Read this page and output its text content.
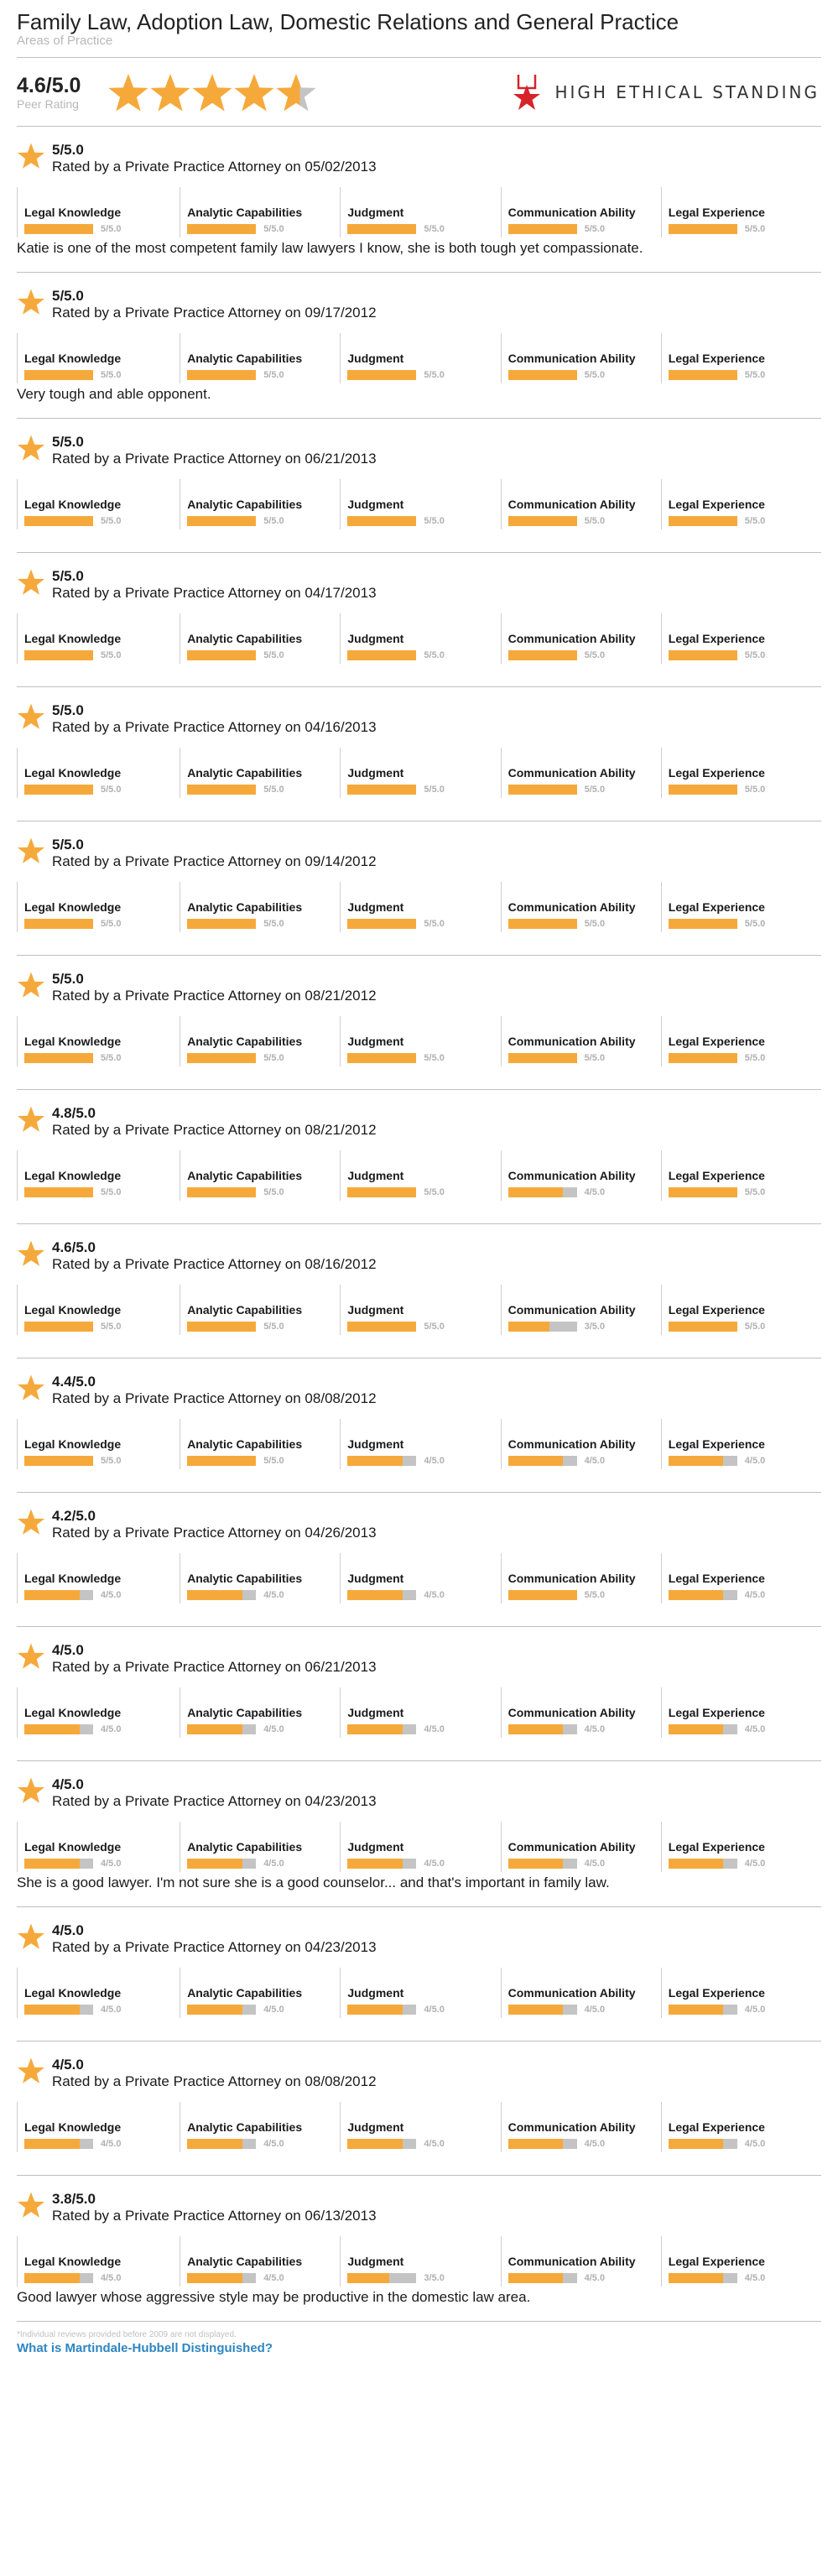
Family Law, Adoption Law, Domestic Relations and General Practice
Areas of Practice
4.6/5.0
Peer Rating
HIGH ETHICAL STANDING
5/5.0
Rated by a Private Practice Attorney on 05/02/2013
Legal Knowledge
5/5.0
Analytic Capabilities
5/5.0
Judgment
5/5.0
Communication Ability
5/5.0
Legal Experience
5/5.0
Katie is one of the most competent family law lawyers I know, she is both tough yet compassionate.
5/5.0
Rated by a Private Practice Attorney on 09/17/2012
Legal Knowledge
5/5.0
Analytic Capabilities
5/5.0
Judgment
5/5.0
Communication Ability
5/5.0
Legal Experience
5/5.0
Very tough and able opponent.
5/5.0
Rated by a Private Practice Attorney on 06/21/2013
Legal Knowledge
5/5.0
Analytic Capabilities
5/5.0
Judgment
5/5.0
Communication Ability
5/5.0
Legal Experience
5/5.0
5/5.0
Rated by a Private Practice Attorney on 04/17/2013
Legal Knowledge
5/5.0
Analytic Capabilities
5/5.0
Judgment
5/5.0
Communication Ability
5/5.0
Legal Experience
5/5.0
5/5.0
Rated by a Private Practice Attorney on 04/16/2013
Legal Knowledge
5/5.0
Analytic Capabilities
5/5.0
Judgment
5/5.0
Communication Ability
5/5.0
Legal Experience
5/5.0
5/5.0
Rated by a Private Practice Attorney on 09/14/2012
Legal Knowledge
5/5.0
Analytic Capabilities
5/5.0
Judgment
5/5.0
Communication Ability
5/5.0
Legal Experience
5/5.0
5/5.0
Rated by a Private Practice Attorney on 08/21/2012
Legal Knowledge
5/5.0
Analytic Capabilities
5/5.0
Judgment
5/5.0
Communication Ability
5/5.0
Legal Experience
5/5.0
4.8/5.0
Rated by a Private Practice Attorney on 08/21/2012
Legal Knowledge
5/5.0
Analytic Capabilities
5/5.0
Judgment
5/5.0
Communication Ability
4/5.0
Legal Experience
5/5.0
4.6/5.0
Rated by a Private Practice Attorney on 08/16/2012
Legal Knowledge
5/5.0
Analytic Capabilities
5/5.0
Judgment
5/5.0
Communication Ability
3/5.0
Legal Experience
5/5.0
4.4/5.0
Rated by a Private Practice Attorney on 08/08/2012
Legal Knowledge
5/5.0
Analytic Capabilities
5/5.0
Judgment
4/5.0
Communication Ability
4/5.0
Legal Experience
4/5.0
4.2/5.0
Rated by a Private Practice Attorney on 04/26/2013
Legal Knowledge
4/5.0
Analytic Capabilities
4/5.0
Judgment
4/5.0
Communication Ability
5/5.0
Legal Experience
4/5.0
4/5.0
Rated by a Private Practice Attorney on 06/21/2013
Legal Knowledge
4/5.0
Analytic Capabilities
4/5.0
Judgment
4/5.0
Communication Ability
4/5.0
Legal Experience
4/5.0
4/5.0
Rated by a Private Practice Attorney on 04/23/2013
Legal Knowledge
4/5.0
Analytic Capabilities
4/5.0
Judgment
4/5.0
Communication Ability
4/5.0
Legal Experience
4/5.0
She is a good lawyer. I'm not sure she is a good counselor... and that's important in family law.
4/5.0
Rated by a Private Practice Attorney on 04/23/2013
Legal Knowledge
4/5.0
Analytic Capabilities
4/5.0
Judgment
4/5.0
Communication Ability
4/5.0
Legal Experience
4/5.0
4/5.0
Rated by a Private Practice Attorney on 08/08/2012
Legal Knowledge
4/5.0
Analytic Capabilities
4/5.0
Judgment
4/5.0
Communication Ability
4/5.0
Legal Experience
4/5.0
3.8/5.0
Rated by a Private Practice Attorney on 06/13/2013
Legal Knowledge
4/5.0
Analytic Capabilities
4/5.0
Judgment
3/5.0
Communication Ability
4/5.0
Legal Experience
4/5.0
Good lawyer whose aggressive style may be productive in the domestic law area.
*Individual reviews provided before 2009 are not displayed.
What is Martindale-Hubbell Distinguished?
